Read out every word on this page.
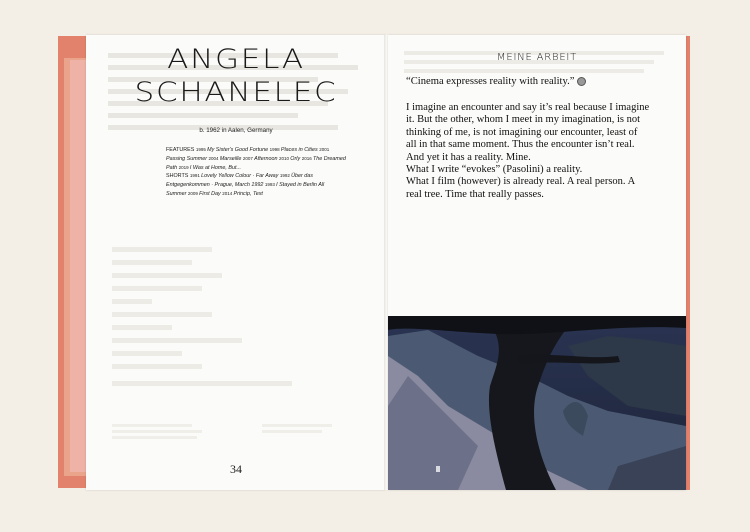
ANGELA
SCHANELEC
b. 1962 in Aalen, Germany
FEATURES 1995 My Sister's Good Fortune 1998 Places in Cities 2001 Passing Summer 2004 Marseille 2007 Afternoon 2010 Orly 2016 The Dreamed Path 2019 I Was at Home, But...
SHORTS 1991 Lovely Yellow Colour · Far Away 1992 Über das Entgegenkommen · Prague, March 1992 1993 I Stayed in Berlin All Summer 2009 First Day 2014 Princip, Text
34
MEINE ARBEIT
“Cinema expresses reality with reality.”
I imagine an encounter and say it’s real because I imagine
it. But the other, whom I meet in my imagination, is not
thinking of me, is not imagining our encounter, least of
all in that same moment. Thus the encounter isn’t real.
And yet it has a reality. Mine.
What I write “evokes” (Pasolini) a reality.
What I film (however) is already real. A real person. A
real tree. Time that really passes.
